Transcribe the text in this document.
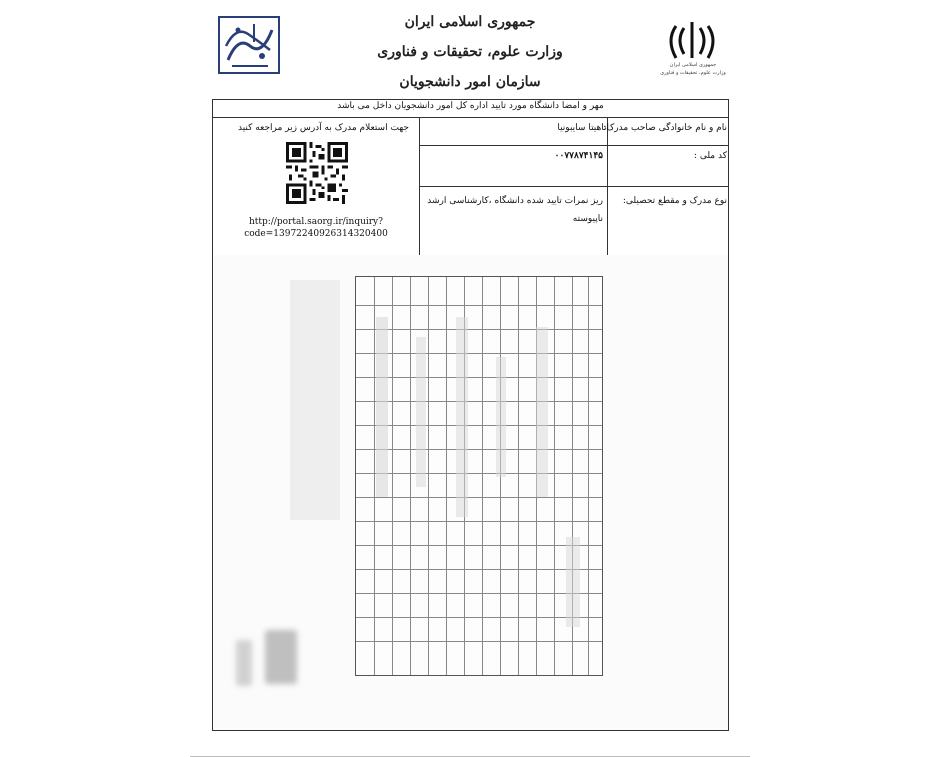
جمهوری اسلامی ایران
وزارت علوم، تحقیقات و فناوری
سازمان امور دانشجویان
جمهوری اسلامی ایران
وزارت علوم، تحقیقات و فناوری
مهر و امضا دانشگاه مورد تایید اداره کل امور دانشجویان داخل می باشد
نام و نام خانوادگی صاحب مدرک:
اناهیتا سایبونیا
کد ملی :
۰۰۷۷۸۷۴۱۴۵
نوع مدرک و مقطع تحصیلی:
ریز نمرات تایید شده دانشگاه ،کارشناسی ارشد
ناپیوسته
جهت استعلام مدرک به آدرس زیر مراجعه کنید
http://portal.saorg.ir/inquiry?
code=13972240926314320400
